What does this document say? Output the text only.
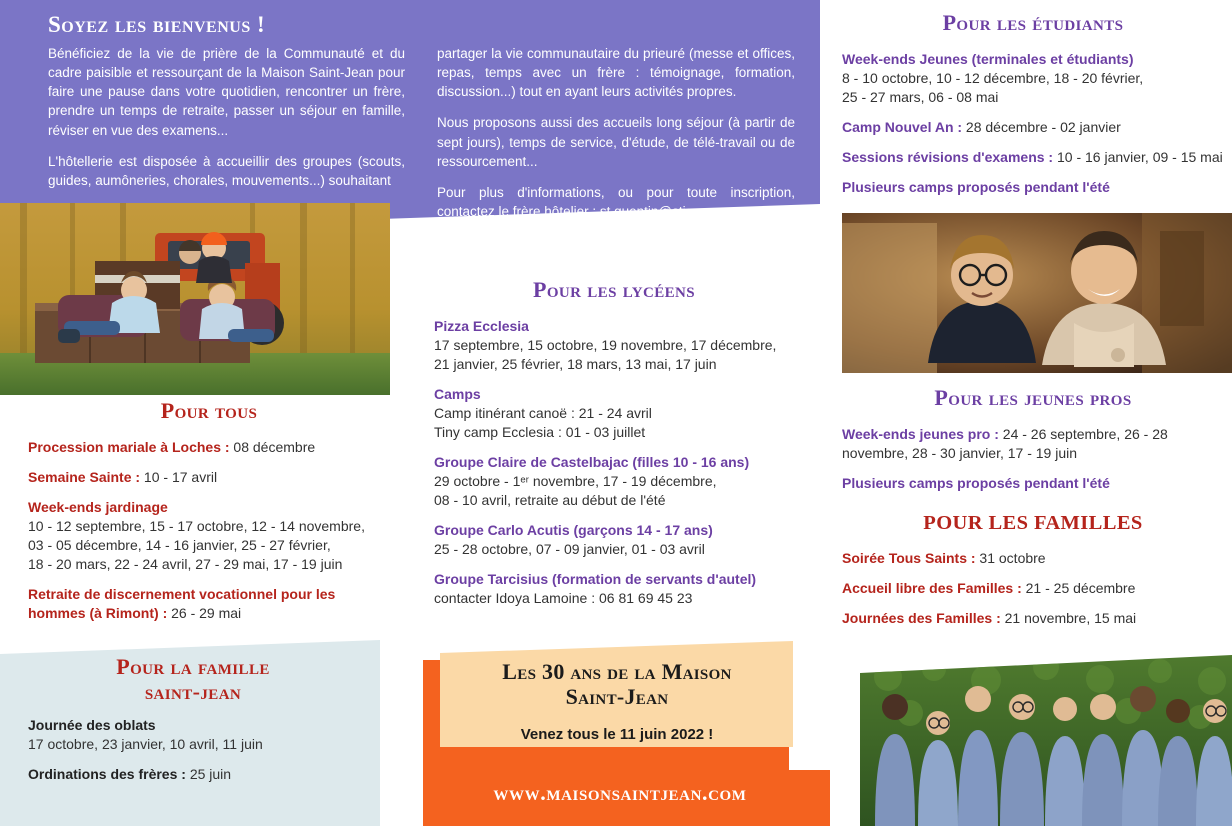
Soyez les bienvenus !

Bénéficiez de la vie de prière de la Communauté et du cadre paisible et ressourçant de la Maison Saint-Jean pour faire une pause dans votre quotidien, rencontrer un frère, prendre un temps de retraite, passer un séjour en famille, réviser en vue des examens...

L'hôtellerie est disposée à accueillir des groupes (scouts, guides, aumôneries, chorales, mouvements...) souhaitant

partager la vie communautaire du prieuré (messe et offices, repas, temps avec un frère : témoignage, formation, discussion...) tout en ayant leurs activités propres.

Nous proposons aussi des accueils long séjour (à partir de sept jours), temps de service, d'étude, de télé-travail ou de ressourcement...

Pour plus d'informations, ou pour toute inscription, contactez le frère hôtelier : st.quentin@stjean.com

Pour tous

Procession mariale à Loches : 08 décembre

Semaine Sainte : 10 - 17 avril

Week-ends jardinage
10 - 12 septembre, 15 - 17 octobre, 12 - 14 novembre,
03 - 05 décembre, 14 - 16 janvier, 25 - 27 février,
18 - 20 mars, 22 - 24 avril, 27 - 29 mai, 17 - 19 juin

Retraite de discernement vocationnel pour les hommes (à Rimont) : 26 - 29 mai

Pour la famille
saint-jean

Journée des oblats
17 octobre, 23 janvier, 10 avril, 11 juin

Ordinations des frères : 25 juin

Pour les lycéens

Pizza Ecclesia
17 septembre, 15 octobre, 19 novembre, 17 décembre,
21 janvier, 25 février, 18 mars, 13 mai, 17 juin

Camps
Camp itinérant canoë : 21 - 24 avril
Tiny camp Ecclesia : 01 - 03 juillet

Groupe Claire de Castelbajac (filles 10 - 16 ans)
29 octobre - 1ᵉʳ novembre, 17 - 19 décembre,
08 - 10 avril, retraite au début de l'été

Groupe Carlo Acutis (garçons 14 - 17 ans)
25 - 28 octobre, 07 - 09 janvier, 01 - 03 avril

Groupe Tarcisius (formation de servants d'autel)
contacter Idoya Lamoine : 06 81 69 45 23

Les 30 ans de la Maison
Saint-Jean
Venez tous le 11 juin 2022 !
www.maisonsaintjean.com
Pour les étudiants

Week-ends Jeunes (terminales et étudiants)
8 - 10 octobre, 10 - 12 décembre, 18 - 20 février,
25 - 27 mars, 06 - 08 mai

Camp Nouvel An : 28 décembre - 02 janvier

Sessions révisions d'examens : 10 - 16 janvier, 09 - 15 mai

Plusieurs camps proposés pendant l'été

Pour les jeunes pros

Week-ends jeunes pro : 24 - 26 septembre, 26 - 28 novembre, 28 - 30 janvier, 17 - 19 juin

Plusieurs camps proposés pendant l'été

POUR LES FAMILLES

Soirée Tous Saints : 31 octobre

Accueil libre des Familles : 21 - 25 décembre

Journées des Familles : 21 novembre, 15 mai
